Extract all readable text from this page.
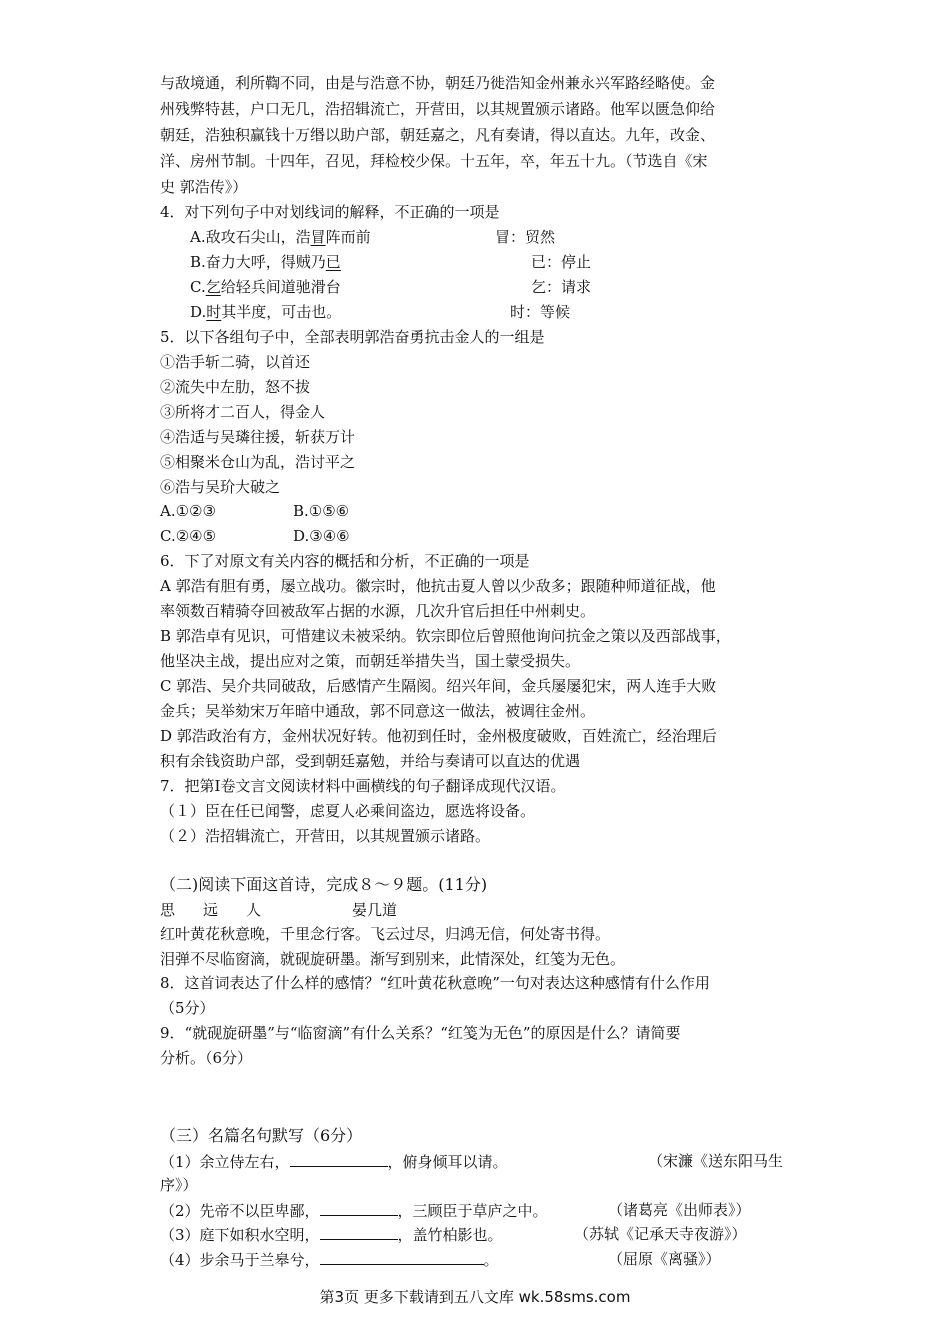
与敌境通，利所鞫不同，由是与浩意不协，朝廷乃徙浩知金州兼永兴军路经略使。金
州残弊特甚，户口无几，浩招辑流亡，开营田，以其规置颁示诸路。他军以匮急仰给
朝廷，浩独积赢钱十万缗以助户部，朝廷嘉之，凡有奏请，得以直达。九年，改金、
洋、房州节制。十四年，召见，拜检校少保。十五年，卒，年五十九。（节选自《宋
史 郭浩传》）
4．对下列句子中对划线词的解释，不正确的一项是
A.敌攻石尖山，浩冒阵而前	冒：贸然
B.奋力大呼，得贼乃已	已：停止
C.乞给轻兵间道驰滑台	乞：请求
D.时其半度，可击也。	时：等候
5．以下各组句子中，全部表明郭浩奋勇抗击金人的一组是
①浩手斩二骑，以首还
②流失中左肋，怒不拔
③所将才二百人，得金人
④浩适与吴璘往援，斩获万计
⑤相聚米仓山为乱，浩讨平之
⑥浩与吴玠大破之
A.①②③	B.①⑤⑥
C.②④⑤	D.③④⑥
6．下了对原文有关内容的概括和分析，不正确的一项是
A 郭浩有胆有勇，屡立战功。徽宗时，他抗击夏人曾以少敌多；跟随种师道征战，他
率领数百精骑夺回被敌军占据的水源，几次升官后担任中州刺史。
B 郭浩卓有见识，可惜建议未被采纳。钦宗即位后曾照他询问抗金之策以及西部战事，
他坚决主战，提出应对之策，而朝廷举措失当，国土蒙受损失。
C 郭浩、吴介共同破敌，后感情产生隔阂。绍兴年间，金兵屡屡犯宋，两人连手大败
金兵；吴举劾宋万年暗中通敌，郭不同意这一做法，被调往金州。
D 郭浩政治有方，金州状况好转。他初到任时，金州极度破败，百姓流亡，经治理后
积有余钱资助户部，受到朝廷嘉勉，并给与奏请可以直达的优遇
7．把第Ⅰ卷文言文阅读材料中画横线的句子翻译成现代汉语。
（１）臣在任已闻警，虑夏人必乘间盗边，愿选将设备。
（２）浩招辑流亡，开营田，以其规置颁示诸路。
（二)阅读下面这首诗，完成８～９题。(11分)
思远人	晏几道
红叶黄花秋意晚，千里念行客。飞云过尽，归鸿无信，何处寄书得。
泪弹不尽临窗滴，就砚旋研墨。渐写到别来，此情深处，红笺为无色。
8．这首词表达了什么样的感情？“红叶黄花秋意晚”一句对表达这种感情有什么作用
（5分）
9．“就砚旋研墨”与“临窗滴”有什么关系？“红笺为无色”的原因是什么？请简要
分析。（6分）
（三）名篇名句默写（6分）
（1）余立侍左右，	，俯身倾耳以请。	（宋濂《送东阳马生
序》）
（2）先帝不以臣卑鄙，	，三顾臣于草庐之中。	（诸葛亮《出师表》）
（3）庭下如积水空明，	，盖竹柏影也。	（苏轼《记承天寺夜游》）
（4）步余马于兰皋兮，	。	（屈原《离骚》）
第3页 更多下载请到五八文库 wk.58sms.com
